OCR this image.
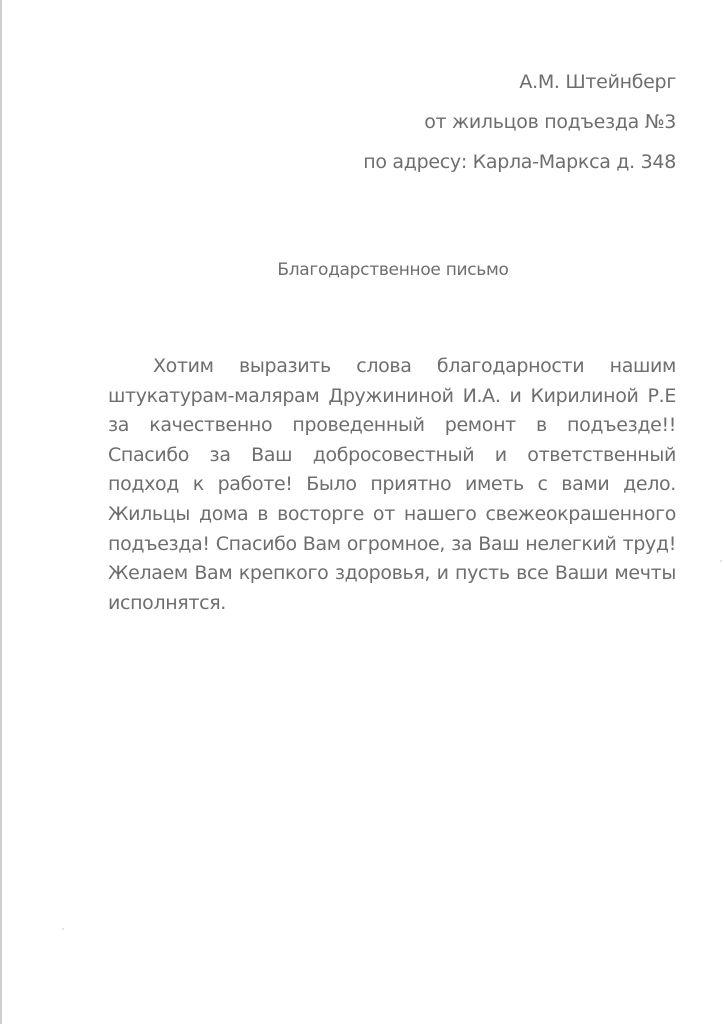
А.М. Штейнберг
от жильцов подъезда №3
по адресу: Карла-Маркса д. 348
Благодарственное письмо
Хотим выразить слова благодарности нашим штукатурам-малярам Дружининой И.А. и Кирилиной Р.Е за качественно проведенный ремонт в подъезде!! Спасибо за Ваш добросовестный и ответственный подход к работе! Было приятно иметь с вами дело. Жильцы дома в восторге от нашего свежеокрашенного подъезда! Спасибо Вам огромное, за Ваш нелегкий труд! Желаем Вам крепкого здоровья, и пусть все Ваши мечты исполнятся.
